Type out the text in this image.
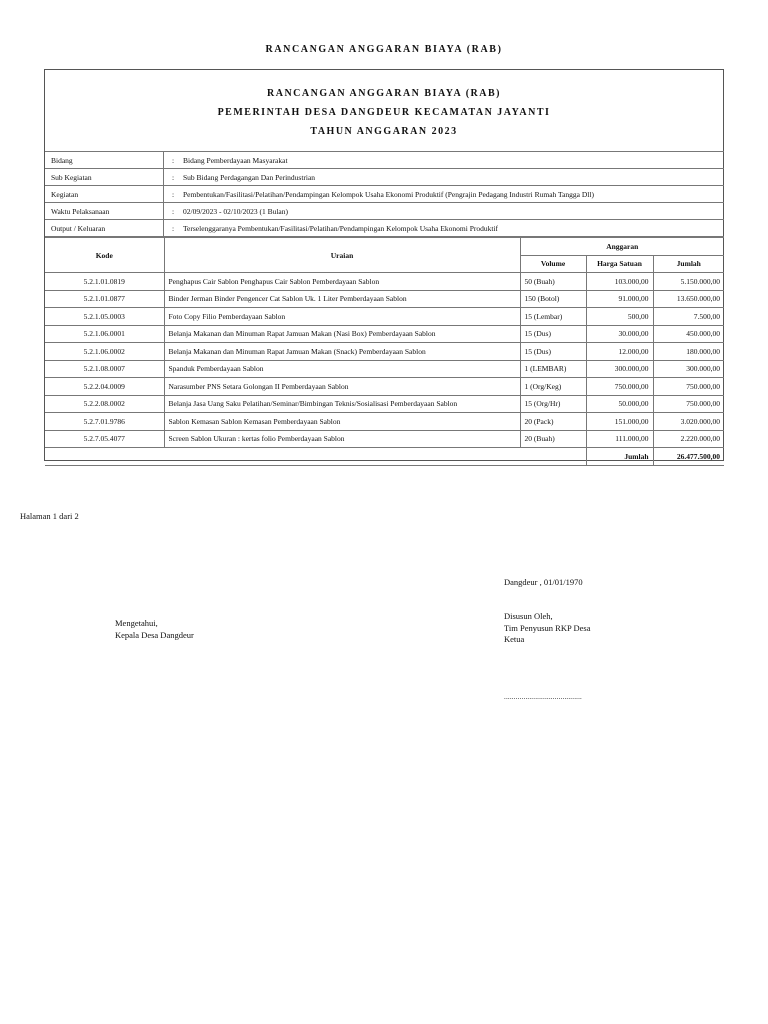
RANCANGAN ANGGARAN BIAYA (RAB)
RANCANGAN ANGGARAN BIAYA (RAB)
PEMERINTAH DESA DANGDEUR KECAMATAN JAYANTI
TAHUN ANGGARAN 2023
Bidang	: Bidang Pemberdayaan Masyarakat
Sub Kegiatan	: Sub Bidang Perdagangan Dan Perindustrian
Kegiatan	: Pembentukan/Fasilitasi/Pelatihan/Pendampingan Kelompok Usaha Ekonomi Produktif (Pengrajin Pedagang Industri Rumah Tangga Dll)
Waktu Pelaksanaan	: 02/09/2023 - 02/10/2023 (1 Bulan)
Output / Keluaran	: Terselenggaranya Pembentukan/Fasilitasi/Pelatihan/Pendampingan Kelompok Usaha Ekonomi Produktif
Kode	Uraian	Anggaran		
		Volume	Harga Satuan	Jumlah
5.2.1.01.0819	Penghapus Cair Sablon Penghapus Cair Sablon Pemberdayaan Sablon	50 (Buah)	103.000,00	5.150.000,00
5.2.1.01.0877	Binder Jerman Binder Pengencer Cat Sablon Uk. 1 Liter Pemberdayaan Sablon	150 (Botol)	91.000,00	13.650.000,00
5.2.1.05.0003	Foto Copy Filio Pemberdayaan Sablon	15 (Lembar)	500,00	7.500,00
5.2.1.06.0001	Belanja Makanan dan Minuman Rapat Jamuan Makan (Nasi Box) Pemberdayaan Sablon	15 (Dus)	30.000,00	450.000,00
5.2.1.06.0002	Belanja Makanan dan Minuman Rapat Jamuan Makan (Snack) Pemberdayaan Sablon	15 (Dus)	12.000,00	180.000,00
5.2.1.08.0007	Spanduk Pemberdayaan Sablon	1 (LEMBAR)	300.000,00	300.000,00
5.2.2.04.0009	Narasumber PNS Setara Golongan II Pemberdayaan Sablon	1 (Org/Keg)	750.000,00	750.000,00
5.2.2.08.0002	Belanja Jasa Uang Saku Pelatihan/Seminar/Bimbingan Teknis/Sosialisasi Pemberdayaan Sablon	15 (Org/Hr)	50.000,00	750.000,00
5.2.7.01.9786	Sablon Kemasan Sablon Kemasan Pemberdayaan Sablon	20 (Pack)	151.000,00	3.020.000,00
5.2.7.05.4077	Screen Sablon Ukuran : kertas folio Pemberdayaan Sablon	20 (Buah)	111.000,00	2.220.000,00
			Jumlah	26.477.500,00
Halaman 1 dari 2
Dangdeur , 01/01/1970
Mengetahui,
Kepala Desa Dangdeur
Disusun Oleh,
Tim Penyusun RKP Desa
Ketua
........................................
